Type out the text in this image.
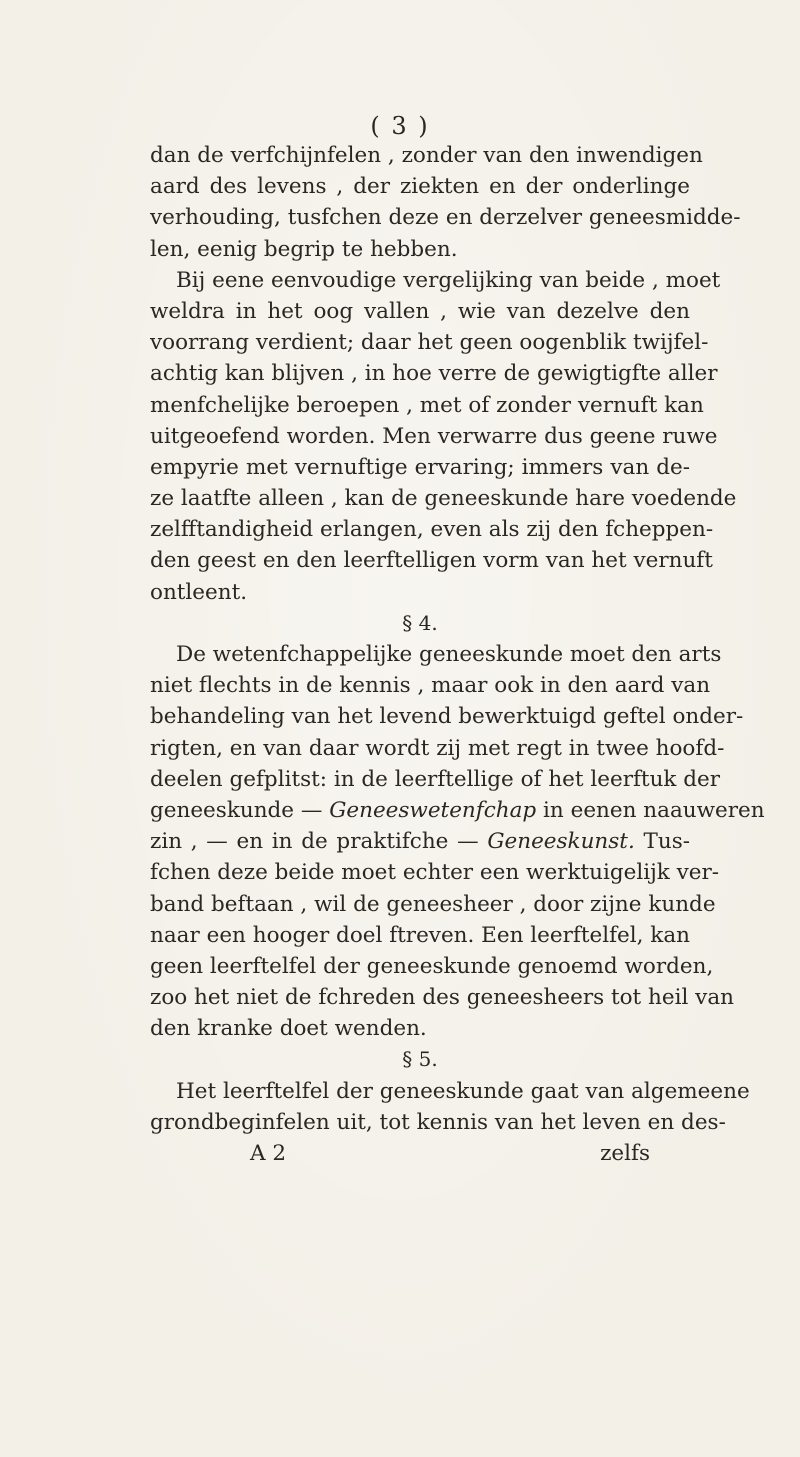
( 3 )
dan de verfchijnfelen , zonder van den inwendigen
aard des levens , der ziekten en der onderlinge
verhouding, tusfchen deze en derzelver geneesmidde-
len, eenig begrip te hebben.
Bij eene eenvoudige vergelijking van beide , moet
weldra in het oog vallen , wie van dezelve den
voorrang verdient; daar het geen oogenblik twijfel-
achtig kan blijven , in hoe verre de gewigtigfte aller
menfchelijke beroepen , met of zonder vernuft kan
uitgeoefend worden. Men verwarre dus geene ruwe
empyrie met vernuftige ervaring; immers van de-
ze laatfte alleen , kan de geneeskunde hare voedende
zelfftandigheid erlangen, even als zij den fcheppen-
den geest en den leerftelligen vorm van het vernuft
ontleent.
§ 4.
De wetenfchappelijke geneeskunde moet den arts
niet flechts in de kennis , maar ook in den aard van
behandeling van het levend bewerktuigd geftel onder-
rigten, en van daar wordt zij met regt in twee hoofd-
deelen gefplitst: in de leerftellige of het leerftuk der
geneeskunde — Geneeswetenfchap in eenen naauweren
zin , — en in de praktifche — Geneeskunst. Tus-
fchen deze beide moet echter een werktuigelijk ver-
band beftaan , wil de geneesheer , door zijne kunde
naar een hooger doel ftreven. Een leerftelfel, kan
geen leerftelfel der geneeskunde genoemd worden,
zoo het niet de fchreden des geneesheers tot heil van
den kranke doet wenden.
§ 5.
Het leerftelfel der geneeskunde gaat van algemeene
grondbeginfelen uit, tot kennis van het leven en des-
A 2	zelfs
